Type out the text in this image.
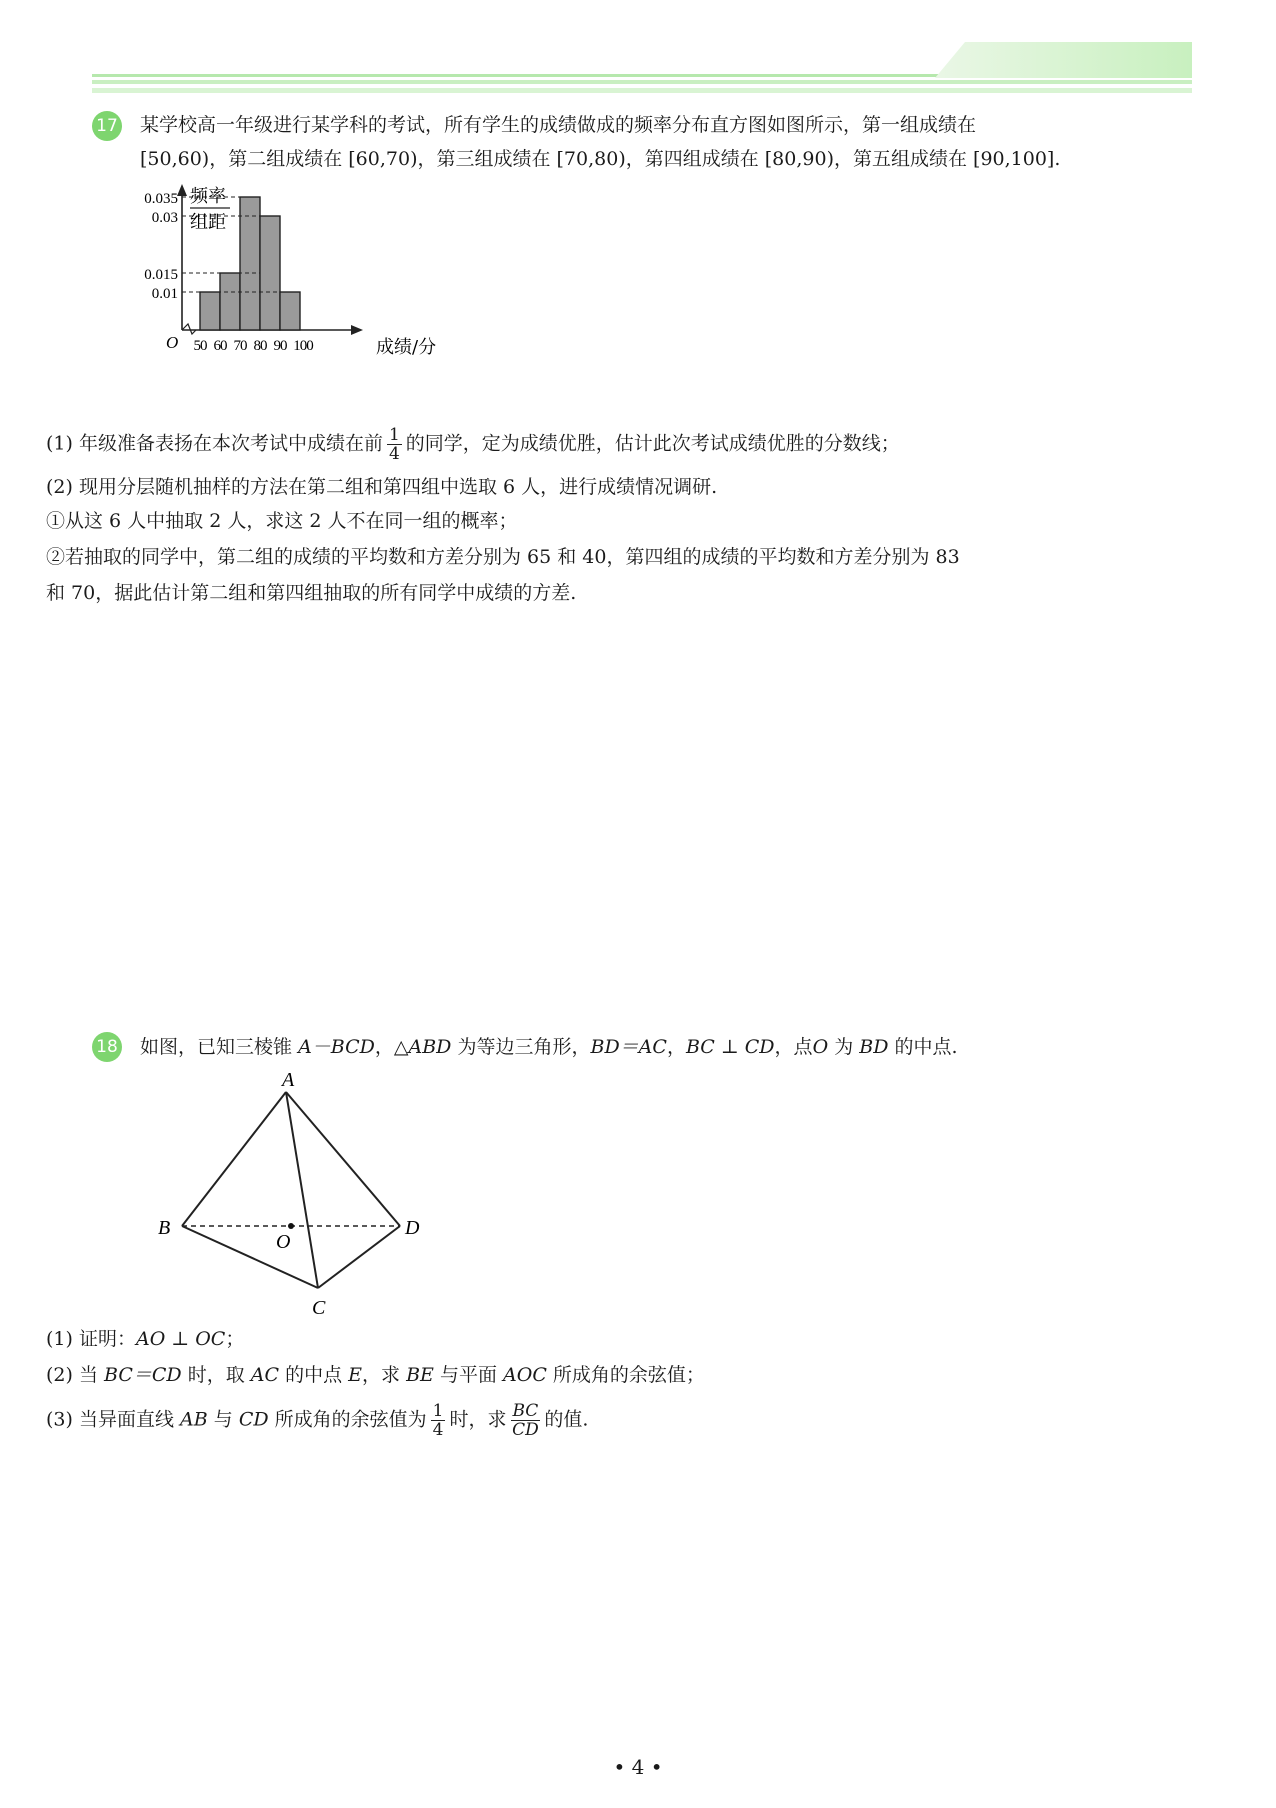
17 某学校高一年级进行某学科的考试，所有学生的成绩做成的频率分布直方图如图所示，第一组成绩在
[50,60)，第二组成绩在 [60,70)，第三组成绩在 [70,80)，第四组成绩在 [80,90)，第五组成绩在 [90,100].
0.035
0.03
0.015
0.01
50 60 70 80 90 100
O
频率
组距
成绩/分
(1) 年级准备表扬在本次考试中成绩在前 $\frac{1}{4}$ 的同学，定为成绩优胜，估计此次考试成绩优胜的分数线；
(2) 现用分层随机抽样的方法在第二组和第四组中选取 6 人，进行成绩情况调研.
①从这 6 人中抽取 2 人，求这 2 人不在同一组的概率；
②若抽取的同学中，第二组的成绩的平均数和方差分别为 65 和 40，第四组的成绩的平均数和方差分别为 83
和 70，据此估计第二组和第四组抽取的所有同学中成绩的方差.
18 如图，已知三棱锥 A－BCD，△ABD 为等边三角形，BD＝AC，BC ⊥ CD，点O 为 BD 的中点.
A
B	D
C
O
(1) 证明：AO ⊥ OC；
(2) 当 BC＝CD 时，取 AC 的中点 E，求 BE 与平面 AOC 所成角的余弦值；
(3) 当异面直线 AB 与 CD 所成角的余弦值为 $\frac{1}{4}$ 时，求 $\frac{BC}{CD}$ 的值.
• 4 •
